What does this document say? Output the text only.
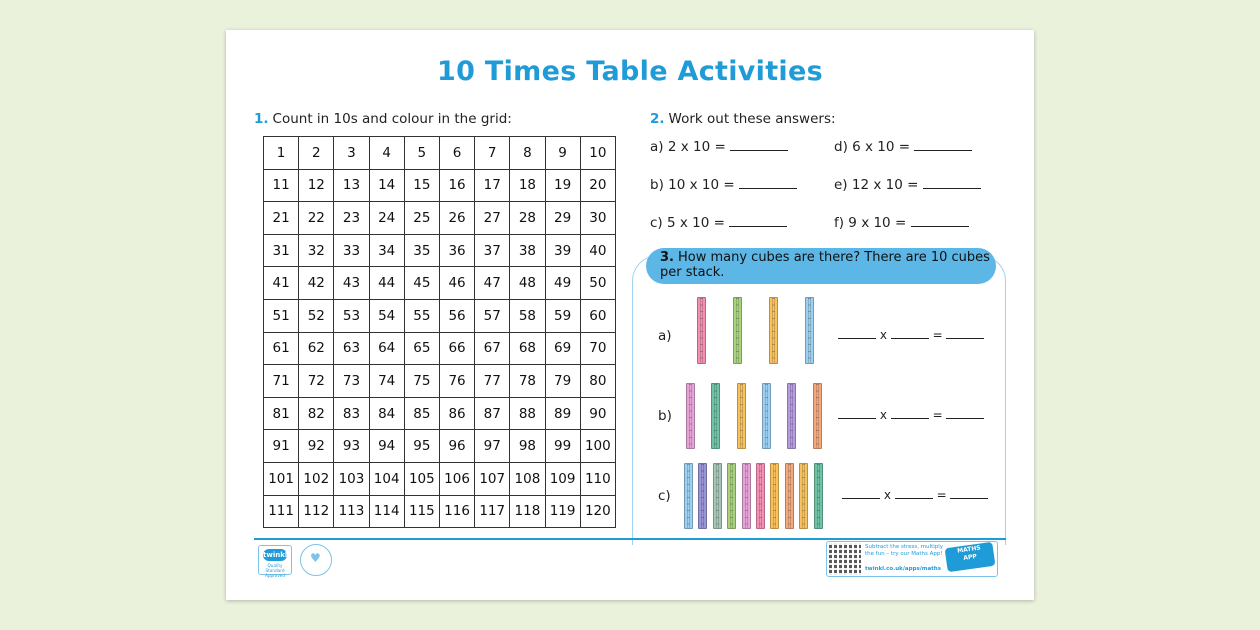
10 Times Table Activities
1. Count in 10s and colour in the grid:
1	2	3	4	5	6	7	8	9	10
11	12	13	14	15	16	17	18	19	20
21	22	23	24	25	26	27	28	29	30
31	32	33	34	35	36	37	38	39	40
41	42	43	44	45	46	47	48	49	50
51	52	53	54	55	56	57	58	59	60
61	62	63	64	65	66	67	68	69	70
71	72	73	74	75	76	77	78	79	80
81	82	83	84	85	86	87	88	89	90
91	92	93	94	95	96	97	98	99	100
101	102	103	104	105	106	107	108	109	110
111	112	113	114	115	116	117	118	119	120
2. Work out these answers:
a) 2 x 10 =	d) 6 x 10 =
b) 10 x 10 =	e) 12 x 10 =
c) 5 x 10 =	f) 9 x 10 =
3. How many cubes are there? There are 10 cubes per stack.
a)
b)
c)
x	=
x	=
x	=
twinkl
Quality Standard Approved
♥
Subtract the stress, multiply the fun – try our Maths App!
twinkl.co.uk/apps/maths
MATHS
APP
